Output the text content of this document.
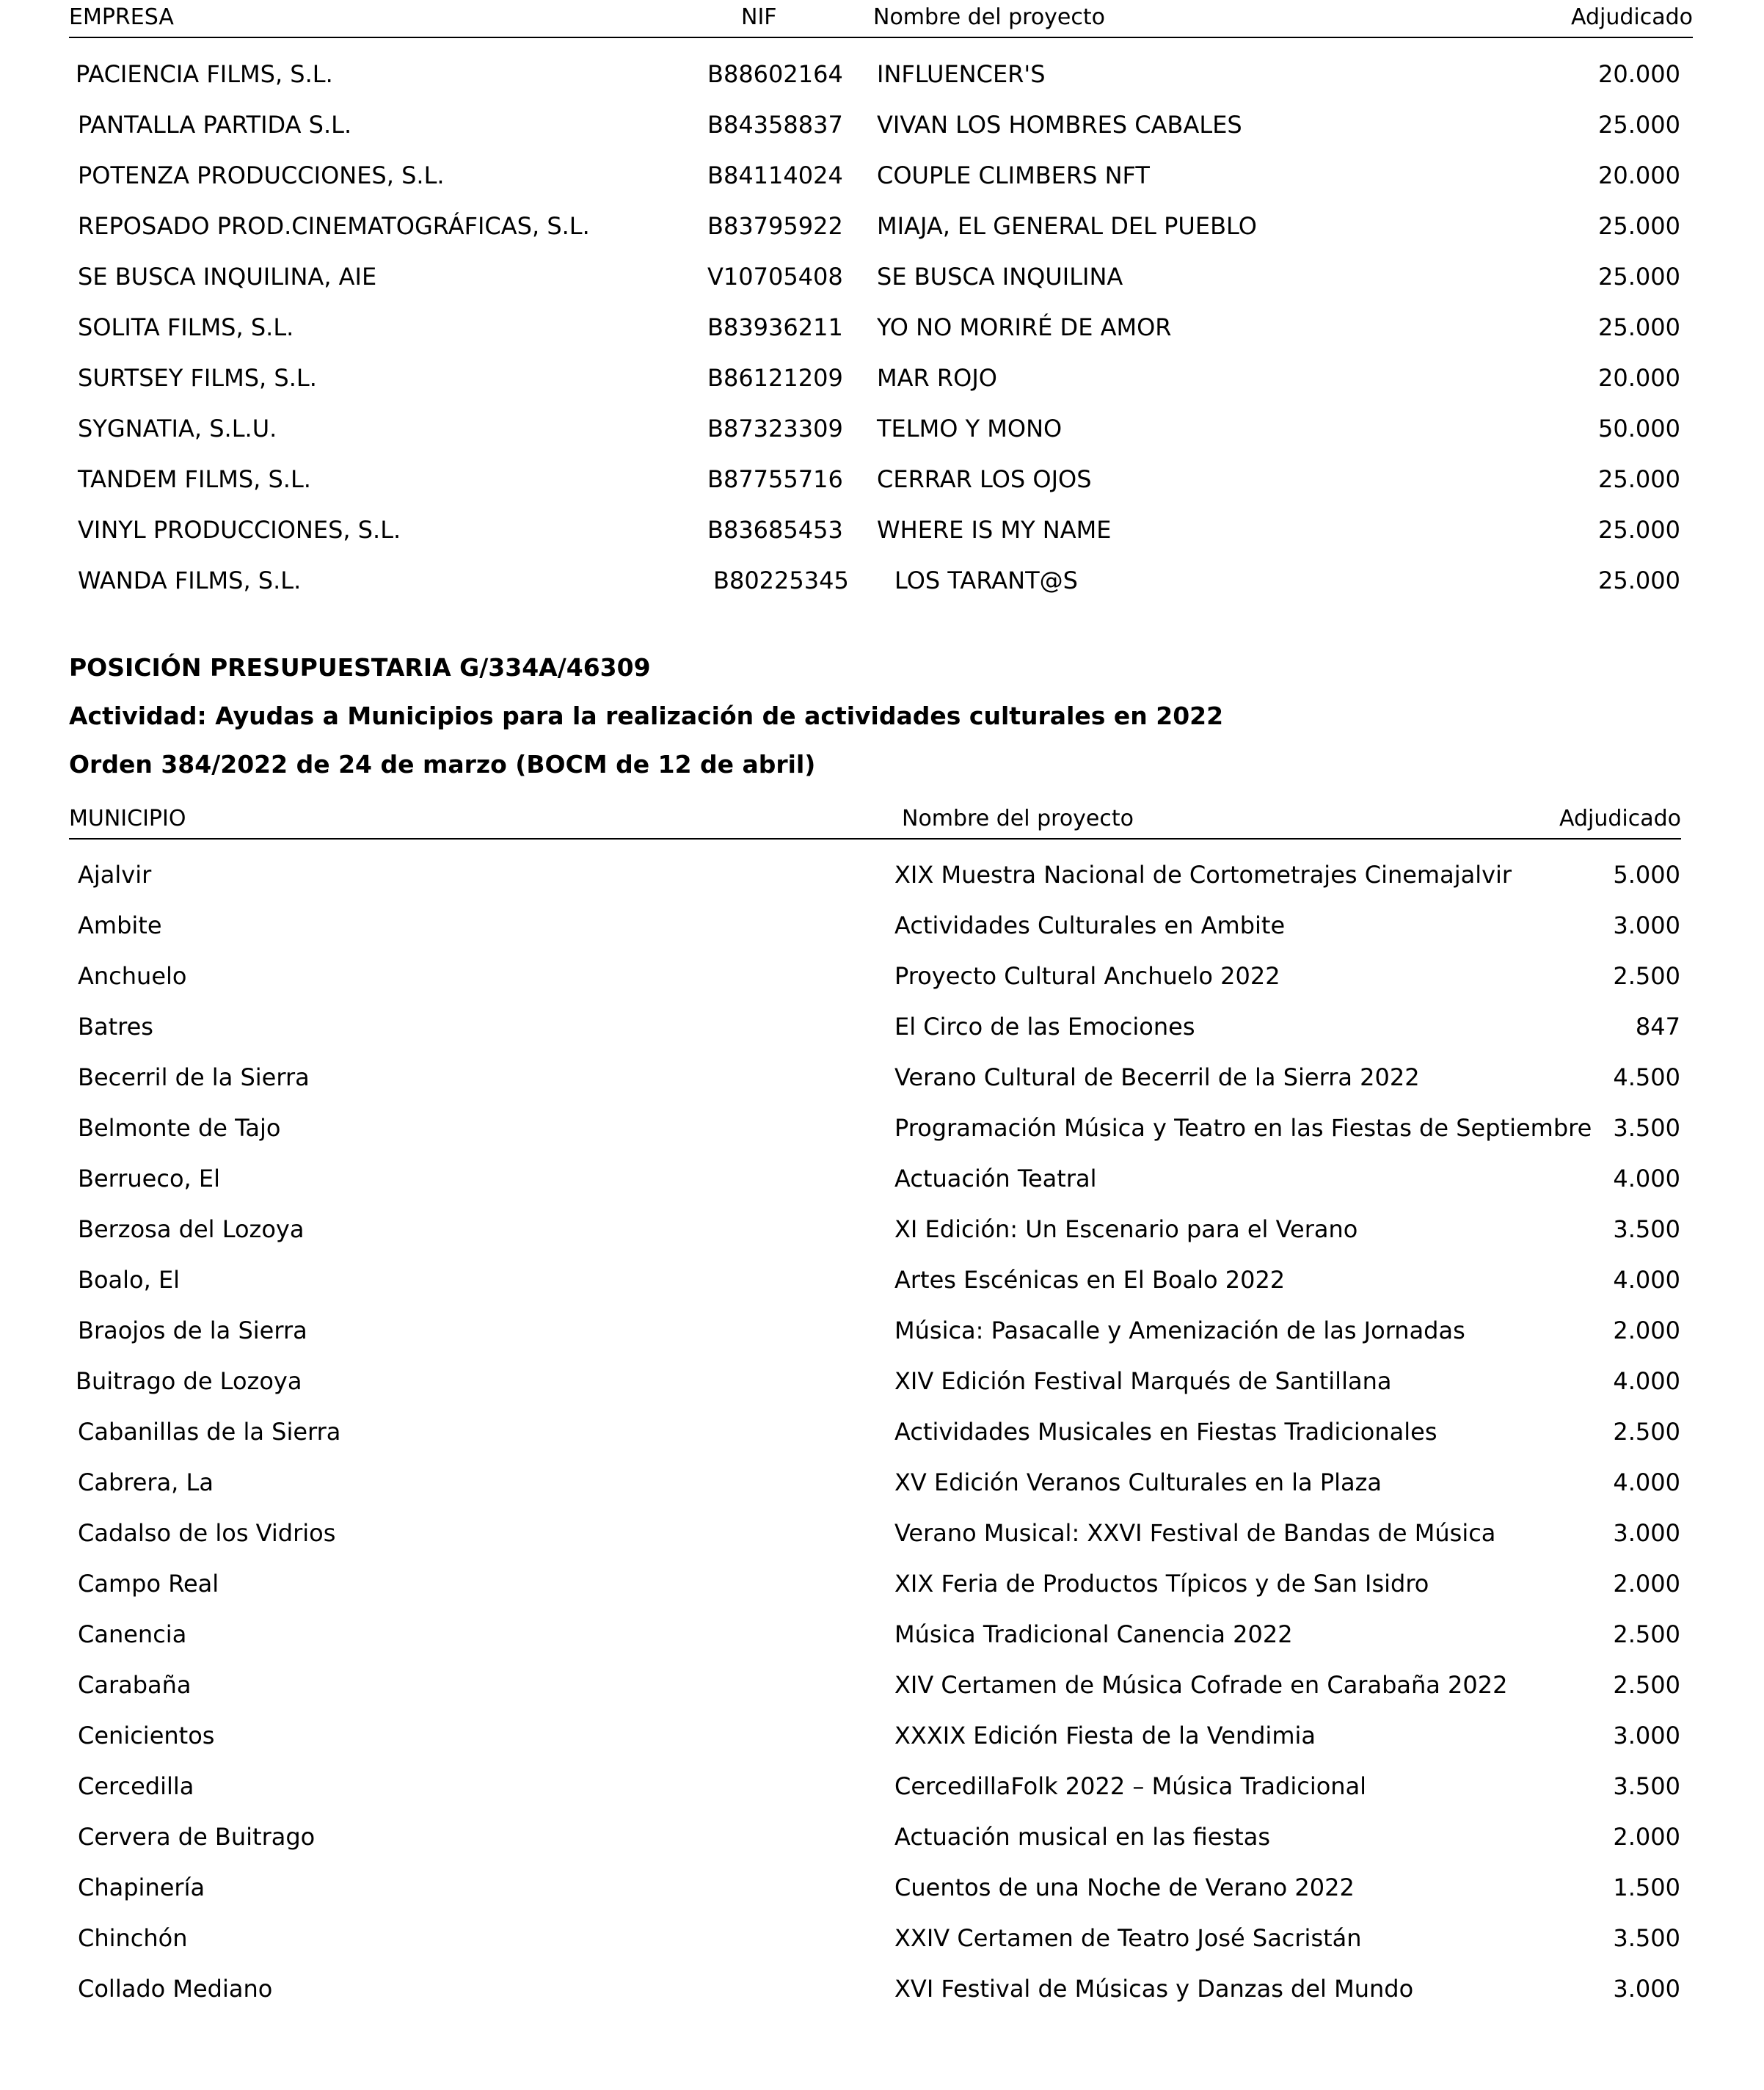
EMPRESA	NIF	Nombre del proyecto	Adjudicado
PACIENCIA FILMS, S.L.	B88602164 INFLUENCER'S	20.000
PANTALLA PARTIDA S.L.	B84358837 VIVAN LOS HOMBRES CABALES	25.000
POTENZA PRODUCCIONES, S.L.	B84114024 COUPLE CLIMBERS NFT	20.000
REPOSADO PROD.CINEMATOGRÁFICAS, S.L.	B83795922 MIAJA, EL GENERAL DEL PUEBLO	25.000
SE BUSCA INQUILINA, AIE	V10705408 SE BUSCA INQUILINA	25.000
SOLITA FILMS, S.L.	B83936211 YO NO MORIRÉ DE AMOR	25.000
SURTSEY FILMS, S.L.	B86121209 MAR ROJO	20.000
SYGNATIA, S.L.U.	B87323309 TELMO Y MONO	50.000
TANDEM FILMS, S.L.	B87755716 CERRAR LOS OJOS	25.000
VINYL PRODUCCIONES, S.L.	B83685453 WHERE IS MY NAME	25.000
WANDA FILMS, S.L.	B80225345 LOS TARANT@S	25.000
POSICIÓN PRESUPUESTARIA G/334A/46309
Actividad: Ayudas a Municipios para la realización de actividades culturales en 2022
Orden 384/2022 de 24 de marzo (BOCM de 12 de abril)
MUNICIPIO	Nombre del proyecto	Adjudicado
Ajalvir	XIX Muestra Nacional de Cortometrajes Cinemajalvir	5.000
Ambite	Actividades Culturales en Ambite	3.000
Anchuelo	Proyecto Cultural Anchuelo 2022	2.500
Batres	El Circo de las Emociones	847
Becerril de la Sierra	Verano Cultural de Becerril de la Sierra 2022	4.500
Belmonte de Tajo	Programación Música y Teatro en las Fiestas de Septiembre 3.500
Berrueco, El	Actuación Teatral	4.000
Berzosa del Lozoya	XI Edición: Un Escenario para el Verano	3.500
Boalo, El	Artes Escénicas en El Boalo 2022	4.000
Braojos de la Sierra	Música: Pasacalle y Amenización de las Jornadas	2.000
Buitrago de Lozoya	XIV Edición Festival Marqués de Santillana	4.000
Cabanillas de la Sierra	Actividades Musicales en Fiestas Tradicionales	2.500
Cabrera, La	XV Edición Veranos Culturales en la Plaza	4.000
Cadalso de los Vidrios	Verano Musical: XXVI Festival de Bandas de Música	3.000
Campo Real	XIX Feria de Productos Típicos y de San Isidro	2.000
Canencia	Música Tradicional Canencia 2022	2.500
Carabaña	XIV Certamen de Música Cofrade en Carabaña 2022	2.500
Cenicientos	XXXIX Edición Fiesta de la Vendimia	3.000
Cercedilla	CercedillaFolk 2022 – Música Tradicional	3.500
Cervera de Buitrago	Actuación musical en las fiestas	2.000
Chapinería	Cuentos de una Noche de Verano 2022	1.500
Chinchón	XXIV Certamen de Teatro José Sacristán	3.500
Collado Mediano	XVI Festival de Músicas y Danzas del Mundo	3.000
